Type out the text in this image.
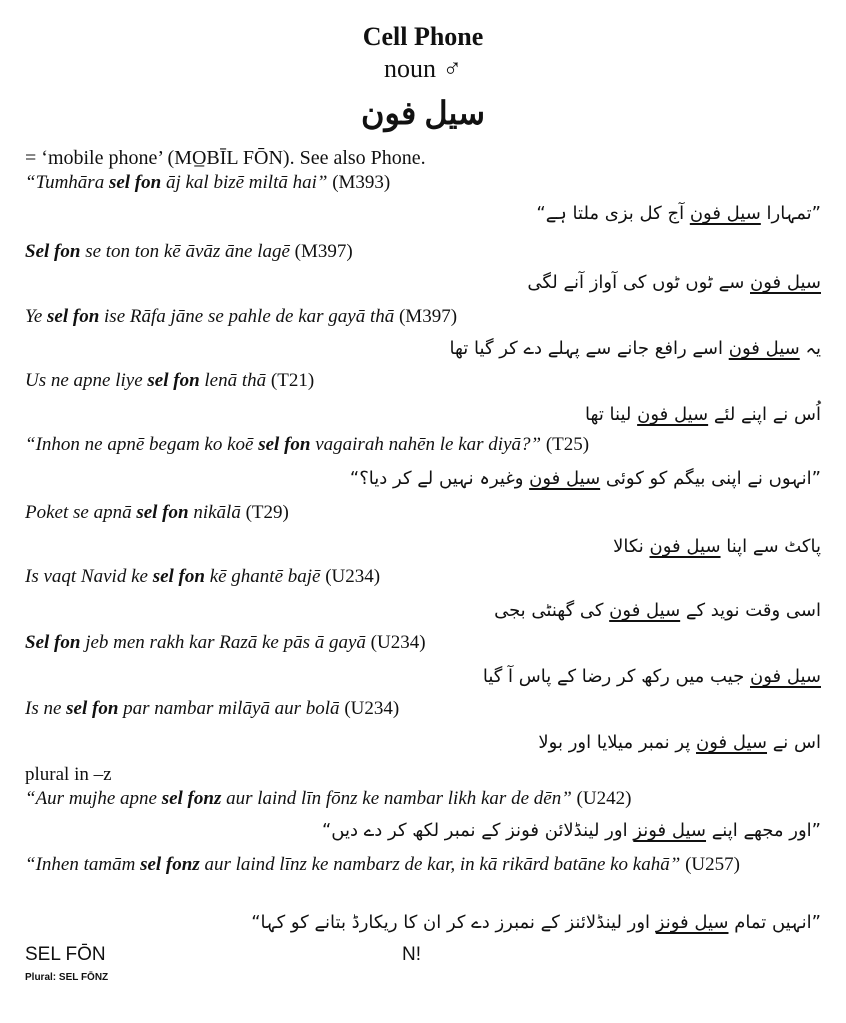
Cell Phone
noun ♂
سیل فون
= ‘mobile phone’ (MO̲BĪL FŌN). See also Phone.
“Tumhāra sel fon āj kal bizē miltā hai” (M393)
”تمہارا سیل فون آج کل بزی ملتا ہے“
Sel fon se ton ton kē āvāz āne lagē (M397)
سیل فون سے ٹوں ٹوں کی آواز آنے لگی
Ye sel fon ise Rāfa jāne se pahle de kar gayā thā (M397)
یہ سیل فون اسے رافع جانے سے پہلے دے کر گیا تھا
Us ne apne liye sel fon lenā thā (T21)
اُس نے اپنے لئے سیل فون لینا تھا
“Inhon ne apnē begam ko koē sel fon vagairah nahēn le kar diyā?” (T25)
”انہوں نے اپنی بیگم کو کوئی سیل فون وغیرہ نہیں لے کر دیا؟“
Poket se apnā sel fon nikālā (T29)
پاکٹ سے اپنا سیل فون نکالا
Is vaqt Navid ke sel fon kē ghantē bajē (U234)
اسی وقت نوید کے سیل فون کی گھنٹی بجی
Sel fon jeb men rakh kar Razā ke pās ā gayā (U234)
سیل فون جیب میں رکھ کر رضا کے پاس آ گیا
Is ne sel fon par nambar milāyā aur bolā (U234)
اس نے سیل فون پر نمبر میلایا اور بولا
plural in –z
“Aur mujhe apne sel fonz aur laind līn fōnz ke nambar likh kar de dēn” (U242)
”اور مجھے اپنے سیل فونز اور لینڈلائن فونز کے نمبر لکھ کر دے دیں“
“Inhen tamām sel fonz aur laind līnz ke nambarz de kar, in kā rikārd batāne ko kahā” (U257)
”انہیں تمام سیل فونز اور لینڈلائنز کے نمبرز دے کر ان کا ریکارڈ بتانے کو کہا“
SEL FŌN	N!
Plural: SEL FŌNZ
